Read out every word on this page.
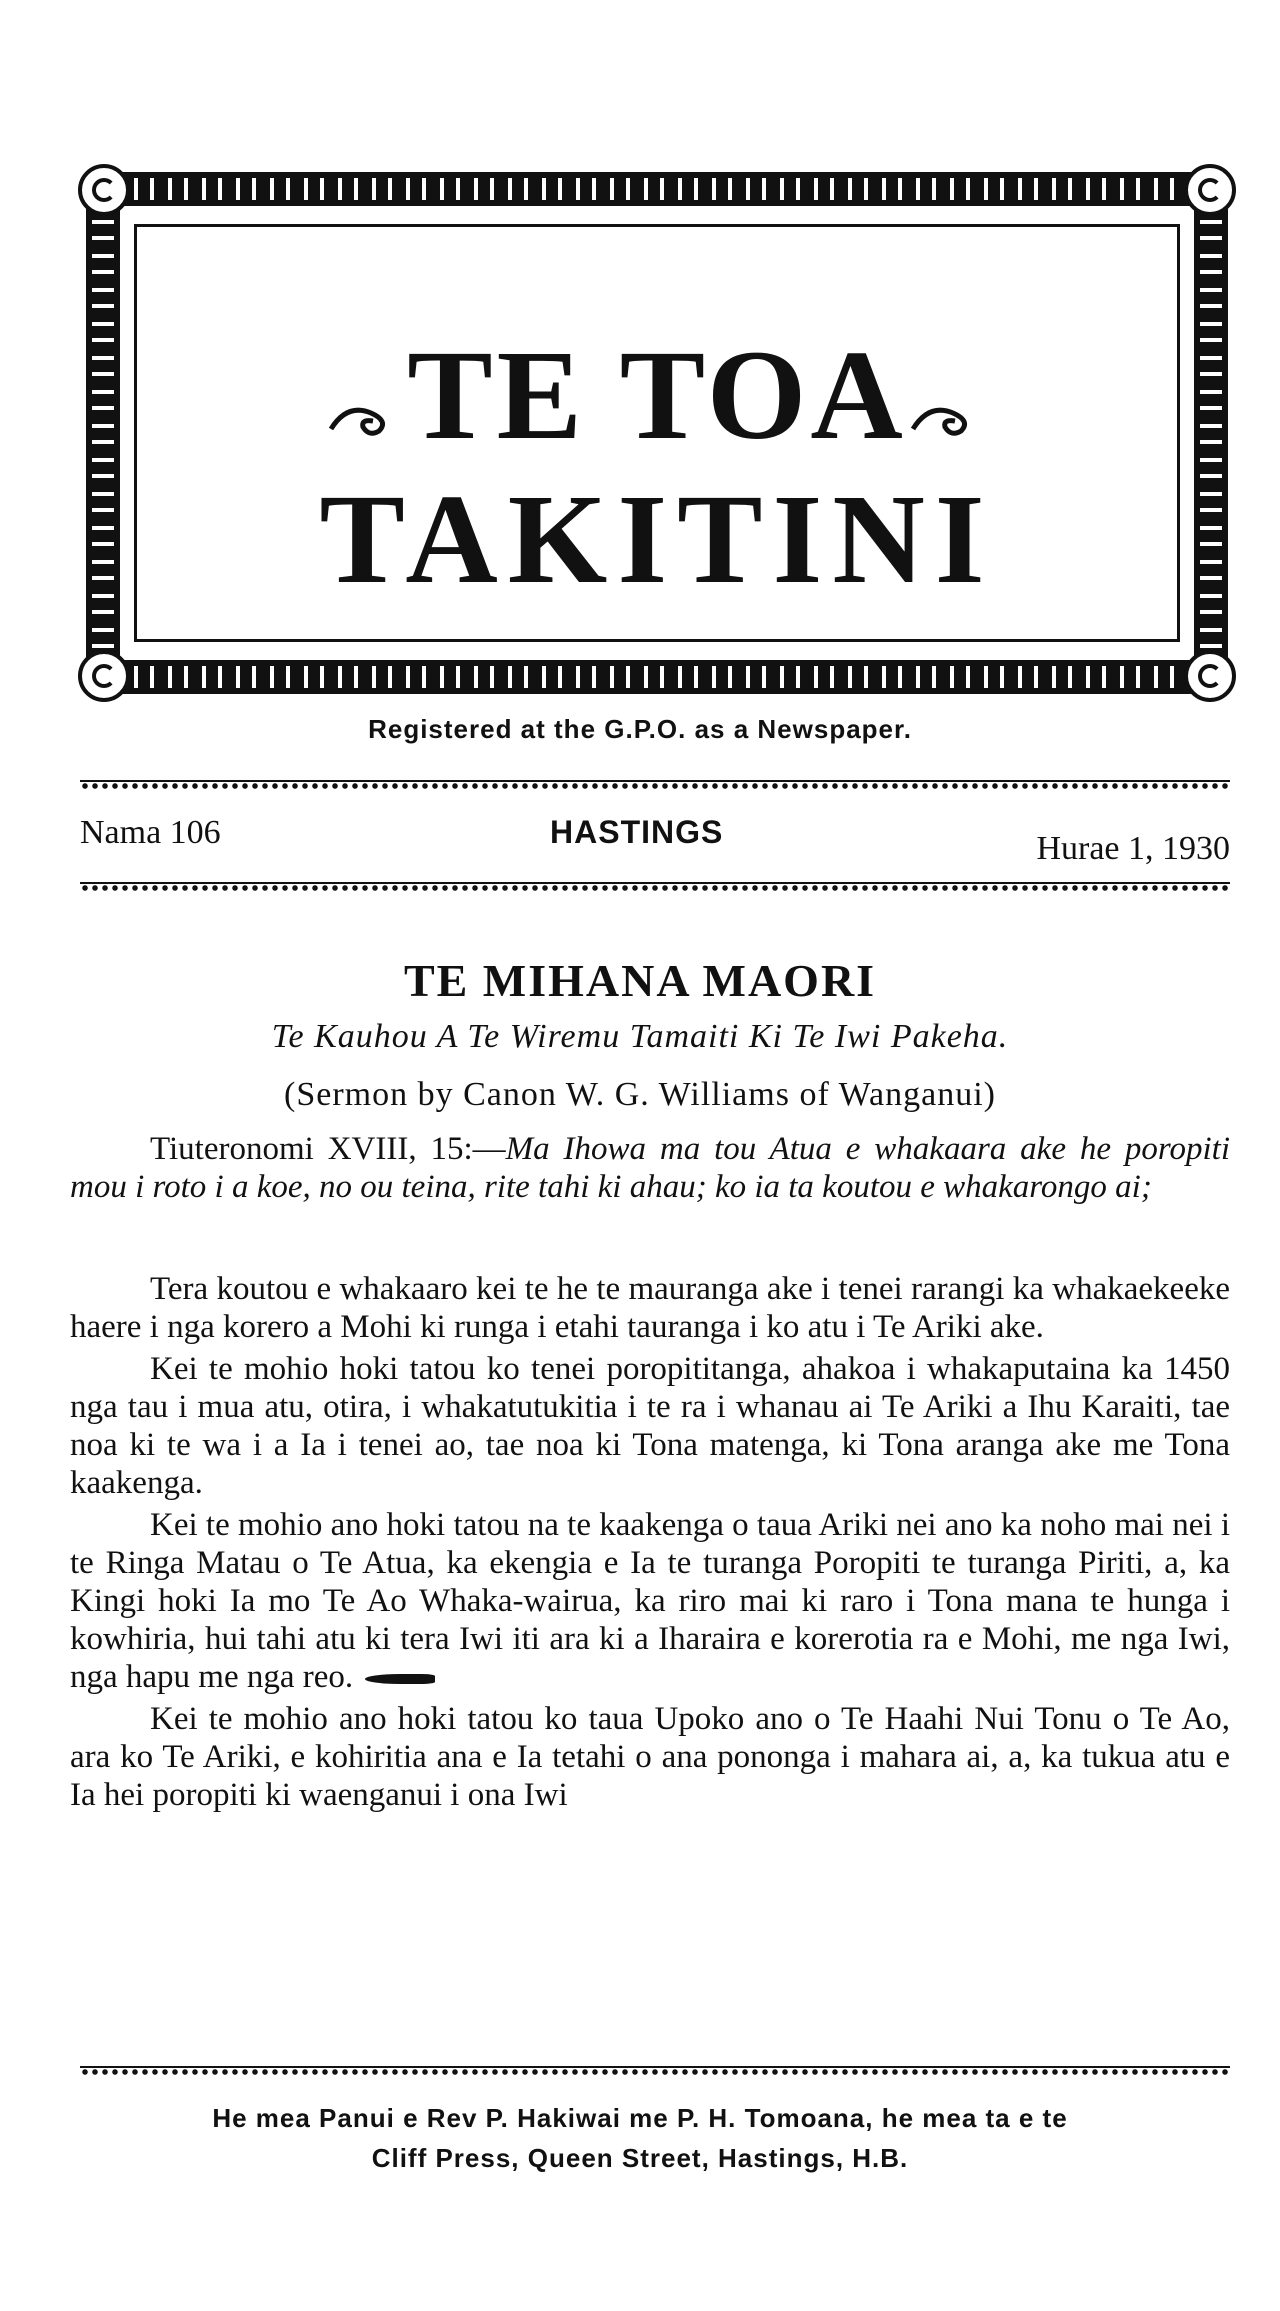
TE TOA
TAKITINI
Registered at the G.P.O. as a Newspaper.
Nama 106	HASTINGS	Hurae 1, 1930
TE MIHANA MAORI
Te Kauhou A Te Wiremu Tamaiti Ki Te Iwi Pakeha.
(Sermon by Canon W. G. Williams of Wanganui)

Tiuteronomi XVIII, 15:—Ma Ihowa ma tou Atua e whakaara ake he poropiti mou i roto i a koe, no ou teina, rite tahi ki ahau; ko ia ta koutou e whakarongo ai;

Tera koutou e whakaaro kei te he te mauranga ake i tenei rarangi ka whakaekeeke haere i nga korero a Mohi ki runga i etahi tauranga i ko atu i Te Ariki ake.

Kei te mohio hoki tatou ko tenei poropititanga, ahakoa i whakaputaina ka 1450 nga tau i mua atu, otira, i whakatutukitia i te ra i whanau ai Te Ariki a Ihu Karaiti, tae noa ki te wa i a Ia i tenei ao, tae noa ki Tona matenga, ki Tona aranga ake me Tona kaakenga.

Kei te mohio ano hoki tatou na te kaakenga o taua Ariki nei ano ka noho mai nei i te Ringa Matau o Te Atua, ka ekengia e Ia te turanga Poropiti te turanga Piriti, a, ka Kingi hoki Ia mo Te Ao Whaka-wairua, ka riro mai ki raro i Tona mana te hunga i kowhiria, hui tahi atu ki tera Iwi iti ara ki a Iharaira e korerotia ra e Mohi, me nga Iwi, nga hapu me nga reo.

Kei te mohio ano hoki tatou ko taua Upoko ano o Te Haahi Nui Tonu o Te Ao, ara ko Te Ariki, e kohiritia ana e Ia tetahi o ana pononga i mahara ai, a, ka tukua atu e Ia hei poropiti ki waenganui i ona Iwi

He mea Panui e Rev P. Hakiwai me P. H. Tomoana, he mea ta e te
Cliff Press, Queen Street, Hastings, H.B.
